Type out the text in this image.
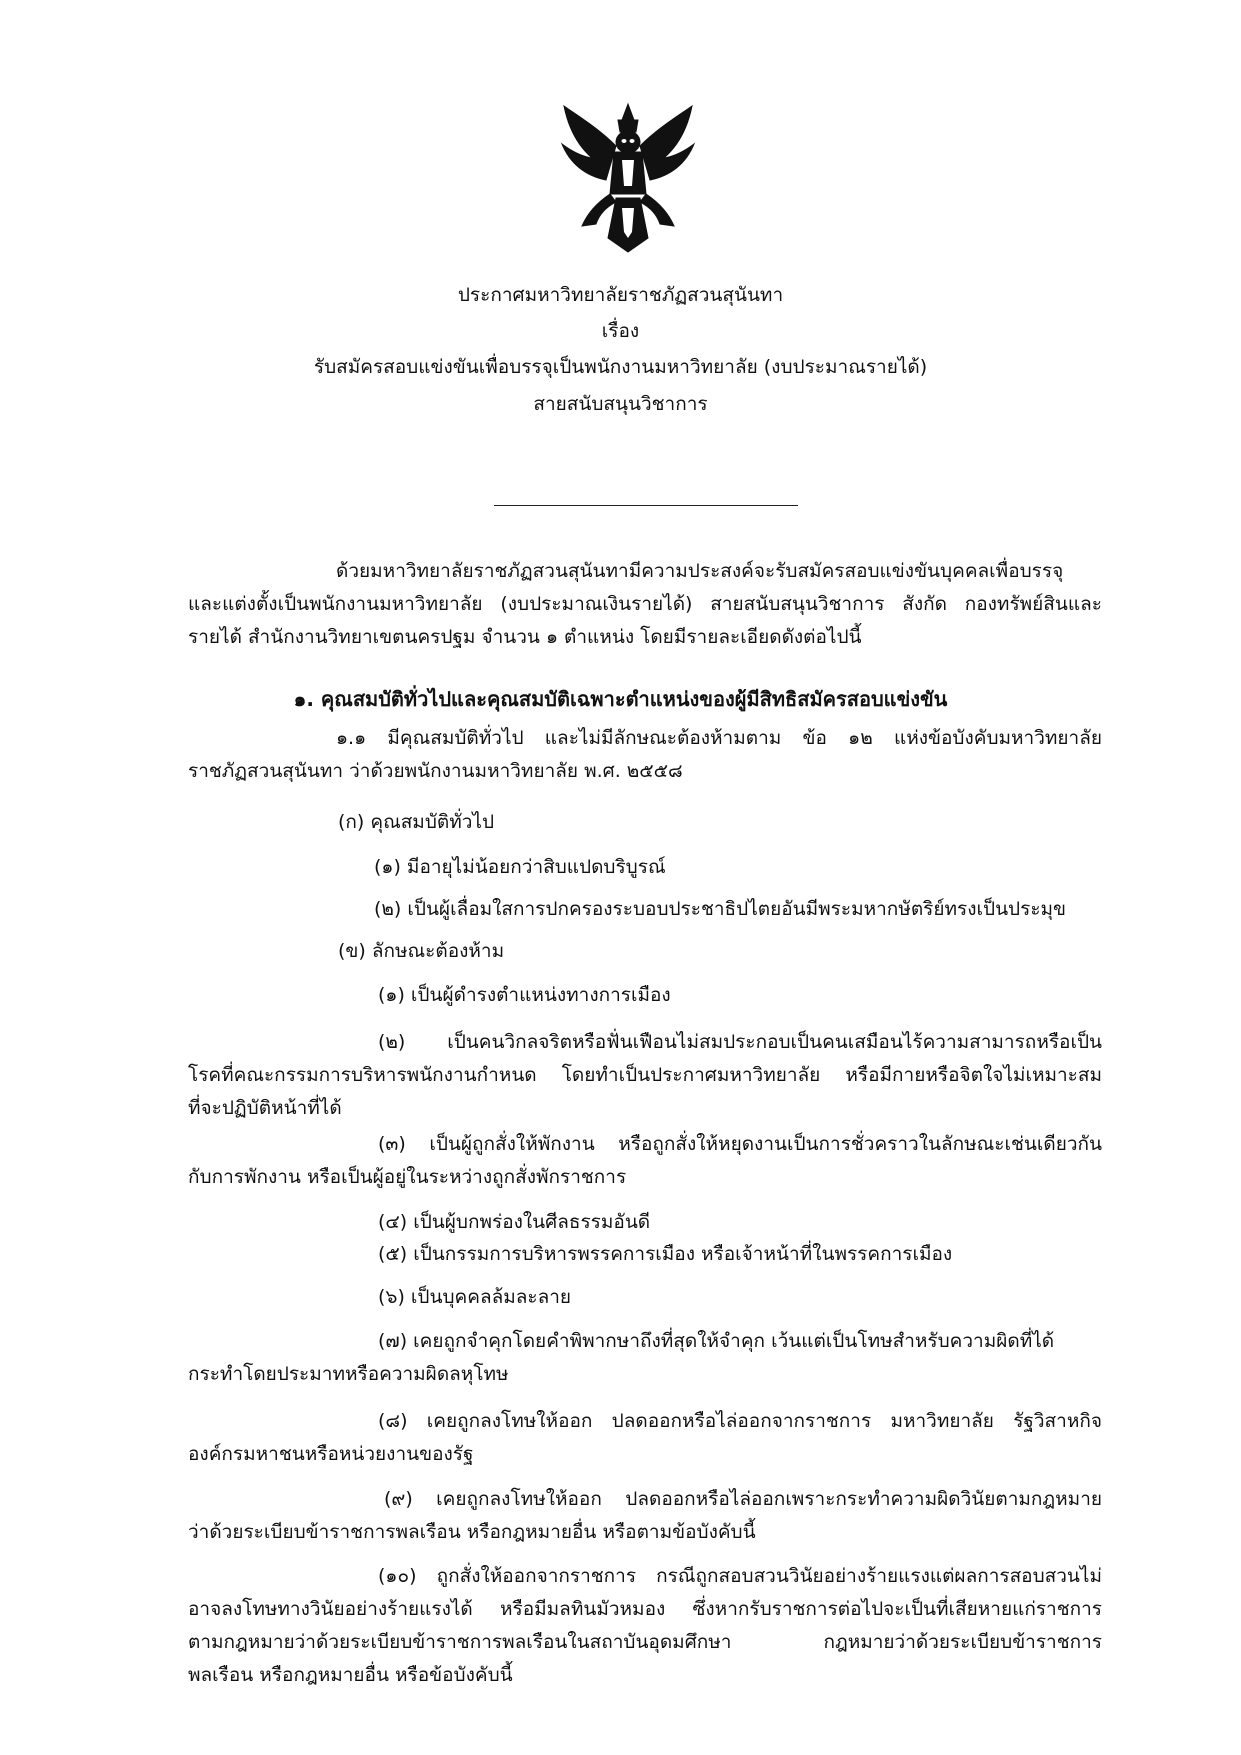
ประกาศมหาวิทยาลัยราชภัฏสวนสุนันทา
เรื่อง
รับสมัครสอบแข่งขันเพื่อบรรจุเป็นพนักงานมหาวิทยาลัย (งบประมาณรายได้)
สายสนับสนุนวิชาการ
ด้วยมหาวิทยาลัยราชภัฏสวนสุนันทามีความประสงค์จะรับสมัครสอบแข่งขันบุคคลเพื่อบรรจุ
และแต่งตั้งเป็นพนักงานมหาวิทยาลัย (งบประมาณเงินรายได้) สายสนับสนุนวิชาการ สังกัด กองทรัพย์สินและ
รายได้ สำนักงานวิทยาเขตนครปฐม จำนวน ๑ ตำแหน่ง โดยมีรายละเอียดดังต่อไปนี้
๑. คุณสมบัติทั่วไปและคุณสมบัติเฉพาะตำแหน่งของผู้มีสิทธิสมัครสอบแข่งขัน
๑.๑ มีคุณสมบัติทั่วไป และไม่มีลักษณะต้องห้ามตาม ข้อ ๑๒ แห่งข้อบังคับมหาวิทยาลัย
ราชภัฏสวนสุนันทา ว่าด้วยพนักงานมหาวิทยาลัย พ.ศ. ๒๕๕๘
(ก) คุณสมบัติทั่วไป
(๑) มีอายุไม่น้อยกว่าสิบแปดบริบูรณ์
(๒) เป็นผู้เลื่อมใสการปกครองระบอบประชาธิปไตยอันมีพระมหากษัตริย์ทรงเป็นประมุข
(ข) ลักษณะต้องห้าม
(๑) เป็นผู้ดำรงตำแหน่งทางการเมือง
(๒) เป็นคนวิกลจริตหรือฟั่นเฟือนไม่สมประกอบเป็นคนเสมือนไร้ความสามารถหรือเป็น
โรคที่คณะกรรมการบริหารพนักงานกำหนด โดยทำเป็นประกาศมหาวิทยาลัย หรือมีกายหรือจิตใจไม่เหมาะสม
ที่จะปฏิบัติหน้าที่ได้
(๓) เป็นผู้ถูกสั่งให้พักงาน หรือถูกสั่งให้หยุดงานเป็นการชั่วคราวในลักษณะเช่นเดียวกัน
กับการพักงาน หรือเป็นผู้อยู่ในระหว่างถูกสั่งพักราชการ
(๔) เป็นผู้บกพร่องในศีลธรรมอันดี
(๕) เป็นกรรมการบริหารพรรคการเมือง หรือเจ้าหน้าที่ในพรรคการเมือง
(๖) เป็นบุคคลล้มละลาย
(๗) เคยถูกจำคุกโดยคำพิพากษาถึงที่สุดให้จำคุก เว้นแต่เป็นโทษสำหรับความผิดที่ได้
กระทำโดยประมาทหรือความผิดลหุโทษ
(๘) เคยถูกลงโทษให้ออก ปลดออกหรือไล่ออกจากราชการ มหาวิทยาลัย รัฐวิสาหกิจ
องค์กรมหาชนหรือหน่วยงานของรัฐ
(๙) เคยถูกลงโทษให้ออก ปลดออกหรือไล่ออกเพราะกระทำความผิดวินัยตามกฎหมาย
ว่าด้วยระเบียบข้าราชการพลเรือน หรือกฎหมายอื่น หรือตามข้อบังคับนี้
(๑๐) ถูกสั่งให้ออกจากราชการ กรณีถูกสอบสวนวินัยอย่างร้ายแรงแต่ผลการสอบสวนไม่
อาจลงโทษทางวินัยอย่างร้ายแรงได้ หรือมีมลทินมัวหมอง ซึ่งหากรับราชการต่อไปจะเป็นที่เสียหายแก่ราชการ
ตามกฎหมายว่าด้วยระเบียบข้าราชการพลเรือนในสถาบันอุดมศึกษา กฎหมายว่าด้วยระเบียบข้าราชการ
พลเรือน หรือกฎหมายอื่น หรือข้อบังคับนี้
